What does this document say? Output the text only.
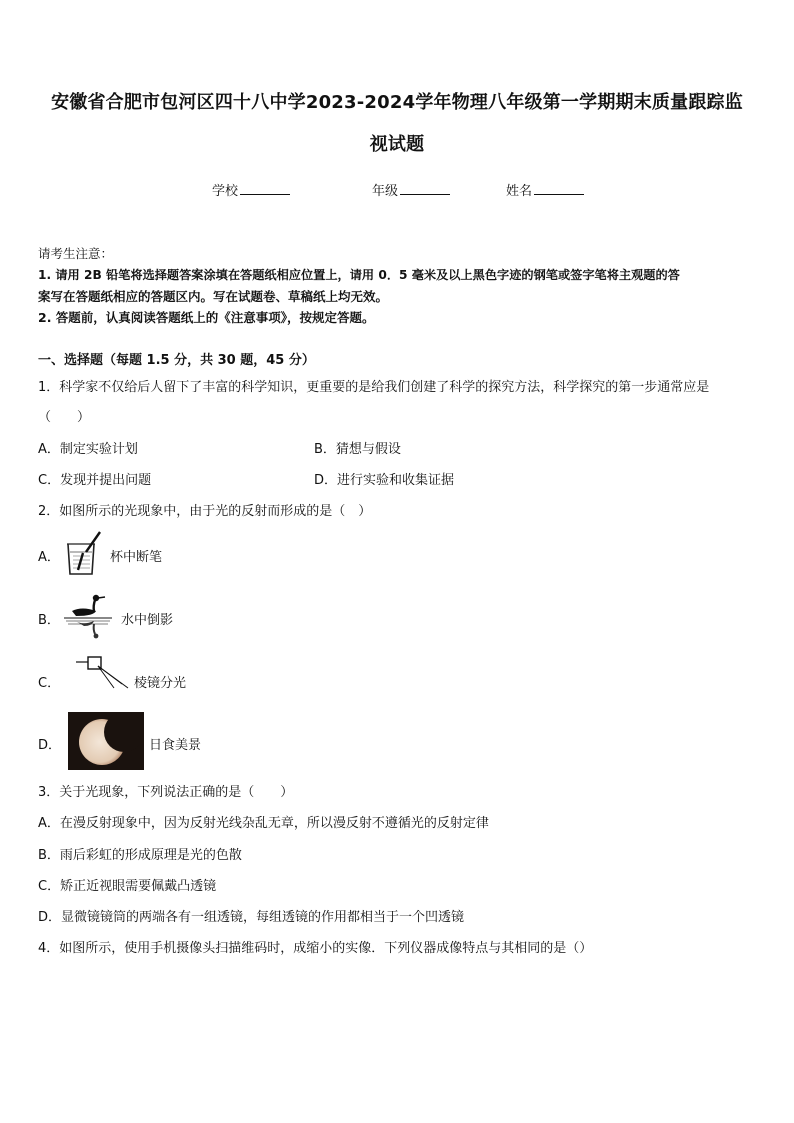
安徽省合肥市包河区四十八中学2023-2024学年物理八年级第一学期期末质量跟踪监
视试题
学校	年级	姓名
请考生注意：
1. 请用 2B 铅笔将选择题答案涂填在答题纸相应位置上，请用 0．5 毫米及以上黑色字迹的钢笔或签字笔将主观题的答
案写在答题纸相应的答题区内。写在试题卷、草稿纸上均无效。
2. 答题前，认真阅读答题纸上的《注意事项》，按规定答题。
一、选择题（每题 1.5 分，共 30 题，45 分）
1．科学家不仅给后人留下了丰富的科学知识，更重要的是给我们创建了科学的探究方法，科学探究的第一步通常应是
（　　）
A．制定实验计划	B．猜想与假设
C．发现并提出问题	D．进行实验和收集证据
2．如图所示的光现象中，由于光的反射而形成的是（　）
A．	杯中断笔
B．	水中倒影
C．	棱镜分光
D．	日食美景
3．关于光现象，下列说法正确的是（　　）
A．在漫反射现象中，因为反射光线杂乱无章，所以漫反射不遵循光的反射定律
B．雨后彩虹的形成原理是光的色散
C．矫正近视眼需要佩戴凸透镜
D．显微镜镜筒的两端各有一组透镜，每组透镜的作用都相当于一个凹透镜
4．如图所示，使用手机摄像头扫描维码时，成缩小的实像．下列仪器成像特点与其相同的是（）
